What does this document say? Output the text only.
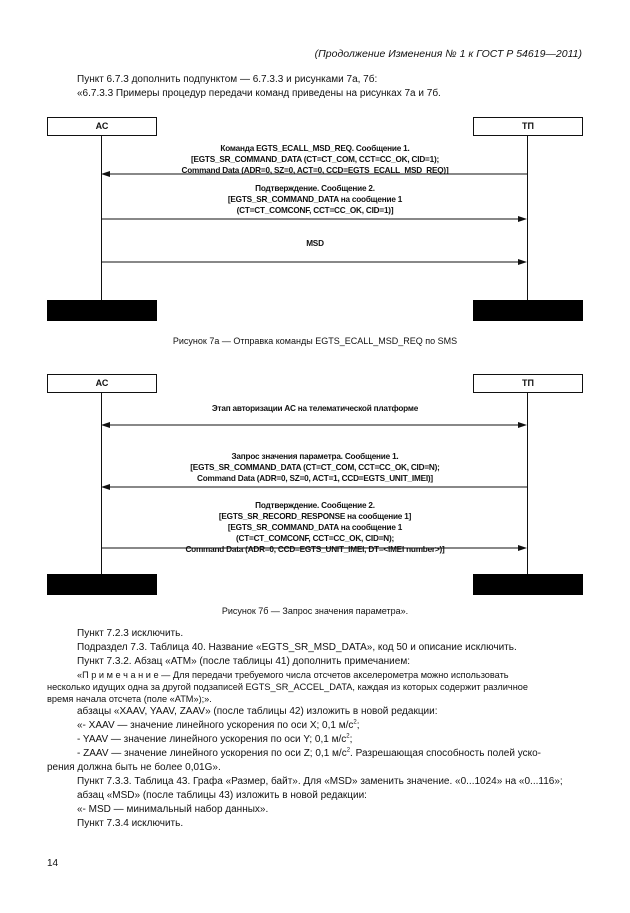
(Продолжение Изменения № 1 к ГОСТ Р 54619—2011)
Пункт 6.7.3 дополнить подпунктом — 6.7.3.3 и рисунками 7а, 7б:
«6.7.3.3 Примеры процедур передачи команд приведены на рисунках 7а и 7б.
АС	ТП
Команда EGTS_ECALL_MSD_REQ. Сообщение 1.
[EGTS_SR_COMMAND_DATA (CT=CT_COM, CCT=CC_OK, CID=1);
Command Data (ADR=0, SZ=0, ACT=0, CCD=EGTS_ECALL_MSD_REQ)]
Подтверждение. Сообщение 2.
[EGTS_SR_COMMAND_DATA на сообщение 1
(CT=CT_COMCONF, CCT=CC_OK, CID=1)]
MSD
Рисунок 7а — Отправка команды EGTS_ECALL_MSD_REQ по SMS
АС	ТП
Этап авторизации АС на телематической платформе
Запрос значения параметра. Сообщение 1.
[EGTS_SR_COMMAND_DATA (CT=CT_COM, CCT=CC_OK, CID=N);
Command Data (ADR=0, SZ=0, ACT=1, CCD=EGTS_UNIT_IMEI)]
Подтверждение. Сообщение 2.
[EGTS_SR_RECORD_RESPONSE на сообщение 1]
[EGTS_SR_COMMAND_DATA на сообщение 1
(CT=CT_COMCONF, CCT=CC_OK, CID=N);
Command Data (ADR=0, CCD=EGTS_UNIT_IMEI, DT=<IMEI number>)]
Рисунок 7б — Запрос значения параметра».
Пункт 7.2.3 исключить.
Подраздел 7.3. Таблица 40. Название «EGTS_SR_MSD_DATA», код 50 и описание исключить.
Пункт 7.3.2. Абзац «АТМ» (после таблицы 41) дополнить примечанием:
«П р и м е ч а н и е — Для передачи требуемого числа отсчетов акселерометра можно использовать
несколько идущих одна за другой подзаписей EGTS_SR_ACCEL_DATA, каждая из которых содержит различное
время начала отсчета (поле «АТМ»);».
абзацы «XAAV, YAAV, ZAAV» (после таблицы 42) изложить в новой редакции:
«- XAAV — значение линейного ускорения по оси X; 0,1 $м/с^2$;
- YAAV — значение линейного ускорения по оси Y; 0,1 $м/с^2$;
- ZAAV — значение линейного ускорения по оси Z; 0,1 $м/с^2$. Разрешающая способность полей уско-
рения должна быть не более 0,01G».
Пункт 7.3.3. Таблица 43. Графа «Размер, байт». Для «MSD» заменить значение. «0...1024» на «0...116»;
абзац «MSD» (после таблицы 43) изложить в новой редакции:
«- MSD — минимальный набор данных».
Пункт 7.3.4 исключить.
14
